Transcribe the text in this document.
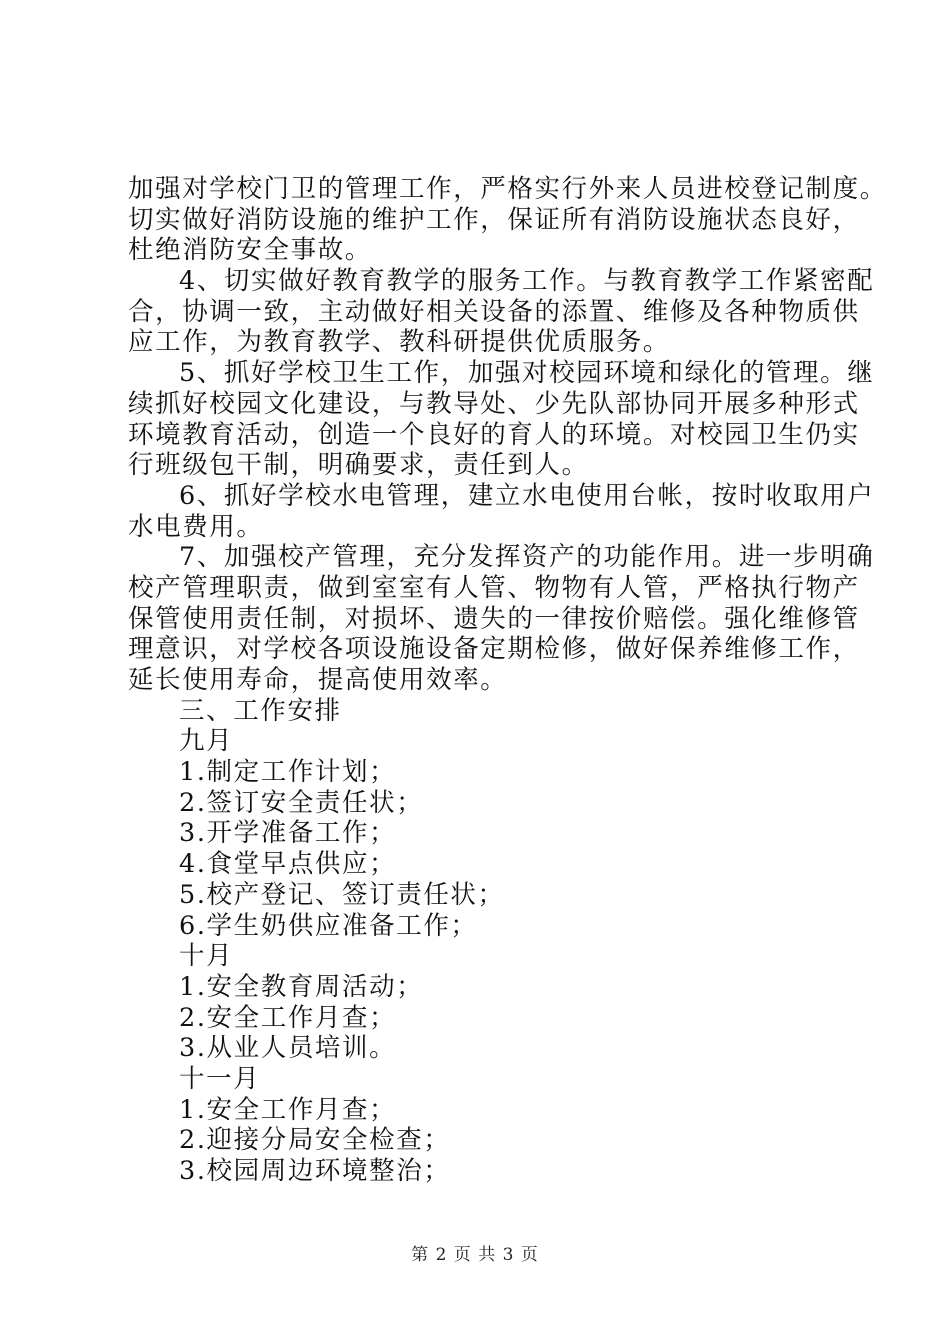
加强对学校门卫的管理工作，严格实行外来人员进校登记制度。
切实做好消防设施的维护工作，保证所有消防设施状态良好，
杜绝消防安全事故。
4、切实做好教育教学的服务工作。与教育教学工作紧密配
合，协调一致，主动做好相关设备的添置、维修及各种物质供
应工作，为教育教学、教科研提供优质服务。
5、抓好学校卫生工作，加强对校园环境和绿化的管理。继
续抓好校园文化建设，与教导处、少先队部协同开展多种形式
环境教育活动，创造一个良好的育人的环境。对校园卫生仍实
行班级包干制，明确要求，责任到人。
6、抓好学校水电管理，建立水电使用台帐，按时收取用户
水电费用。
7、加强校产管理，充分发挥资产的功能作用。进一步明确
校产管理职责，做到室室有人管、物物有人管，严格执行物产
保管使用责任制，对损坏、遗失的一律按价赔偿。强化维修管
理意识，对学校各项设施设备定期检修，做好保养维修工作，
延长使用寿命，提高使用效率。
三、工作安排
九月
1.制定工作计划；
2.签订安全责任状；
3.开学准备工作；
4.食堂早点供应；
5.校产登记、签订责任状；
6.学生奶供应准备工作；
十月
1.安全教育周活动；
2.安全工作月查；
3.从业人员培训。
十一月
1.安全工作月查；
2.迎接分局安全检查；
3.校园周边环境整治；
第 2 页 共 3 页
